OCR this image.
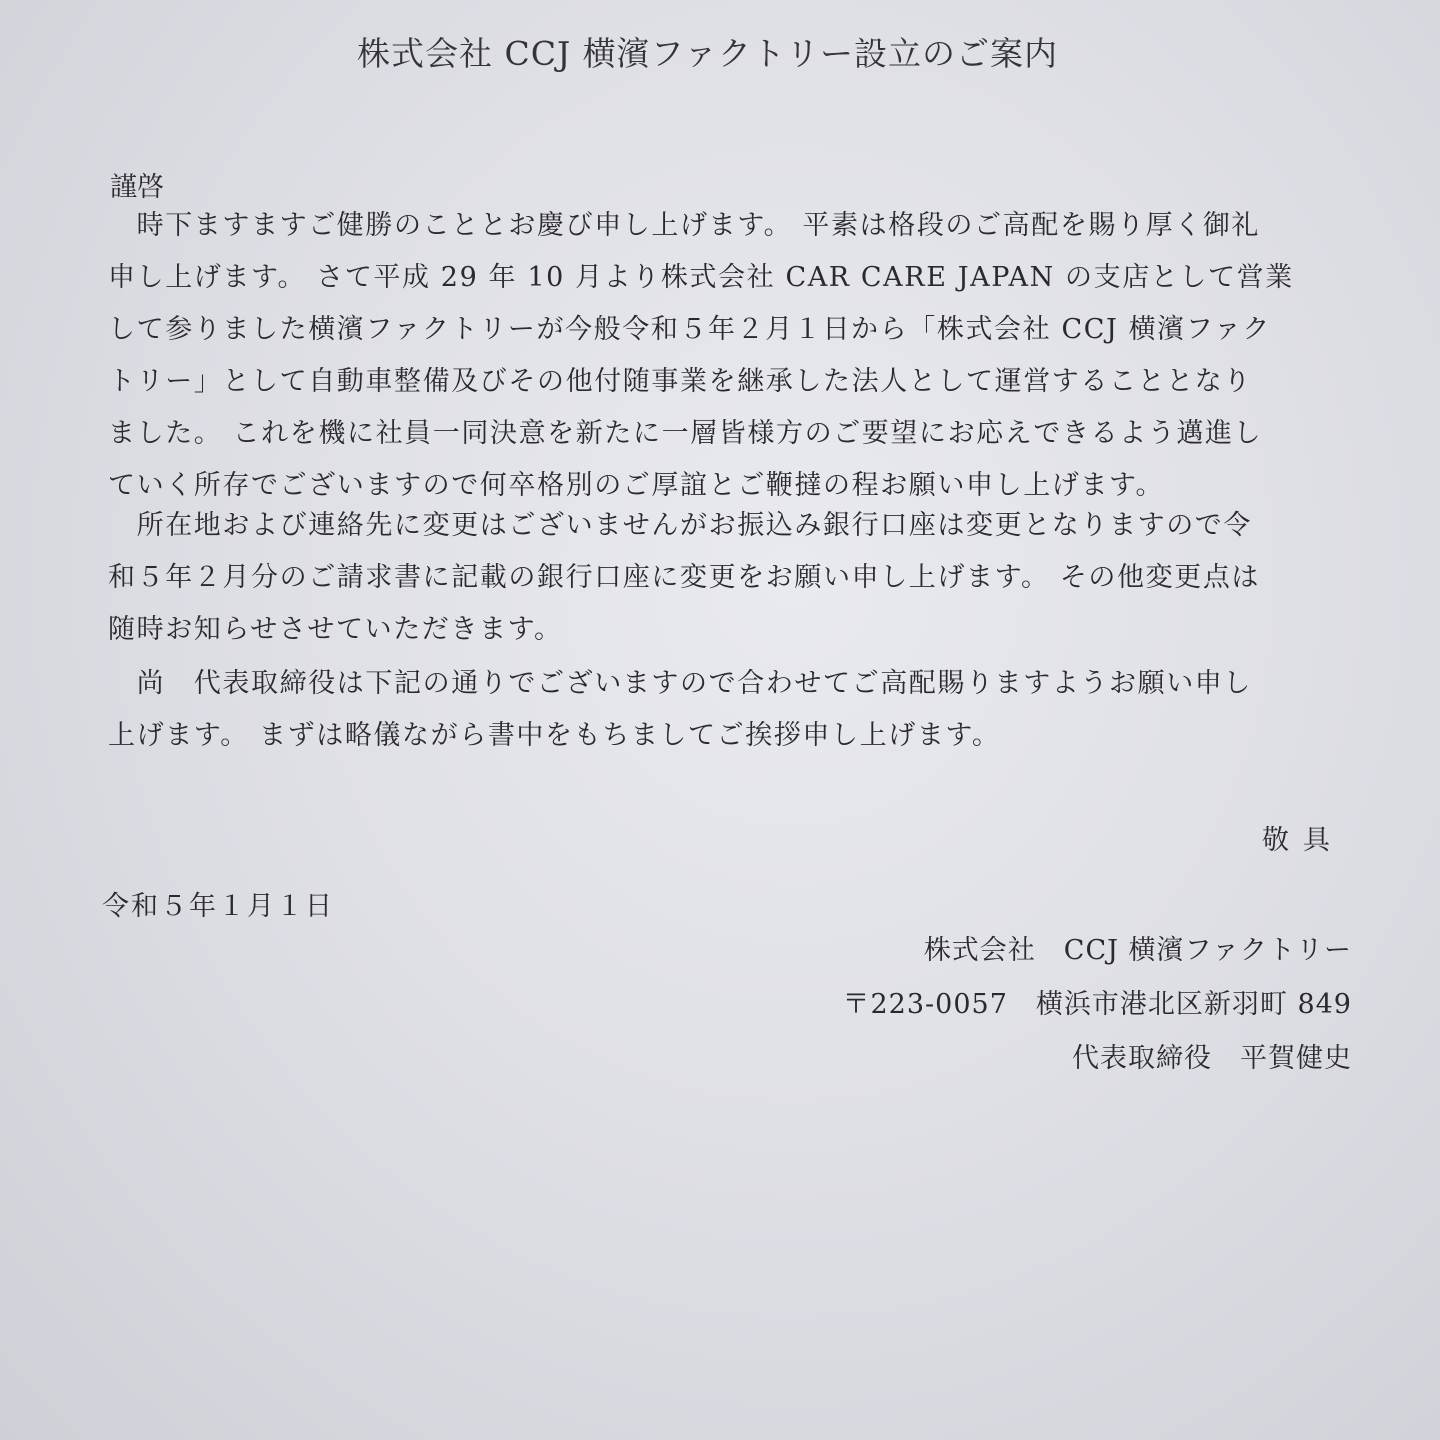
株式会社 CCJ 横濱ファクトリー設立のご案内
謹啓
　時下ますますご健勝のこととお慶び申し上げます。 平素は格段のご高配を賜り厚く御礼
申し上げます。 さて平成 29 年 10 月より株式会社 CAR CARE JAPAN の支店として営業
して参りました横濱ファクトリーが今般令和５年２月１日から「株式会社 CCJ 横濱ファク
トリー」として自動車整備及びその他付随事業を継承した法人として運営することとなり
ました。 これを機に社員一同決意を新たに一層皆様方のご要望にお応えできるよう邁進し
ていく所存でございますので何卒格別のご厚誼とご鞭撻の程お願い申し上げます。
　所在地および連絡先に変更はございませんがお振込み銀行口座は変更となりますので令
和５年２月分のご請求書に記載の銀行口座に変更をお願い申し上げます。 その他変更点は
随時お知らせさせていただきます。
　尚　代表取締役は下記の通りでございますので合わせてご高配賜りますようお願い申し
上げます。 まずは略儀ながら書中をもちましてご挨拶申し上げます。
敬具
令和５年１月１日
株式会社　CCJ 横濱ファクトリー
〒223-0057　横浜市港北区新羽町 849
代表取締役　平賀健史
